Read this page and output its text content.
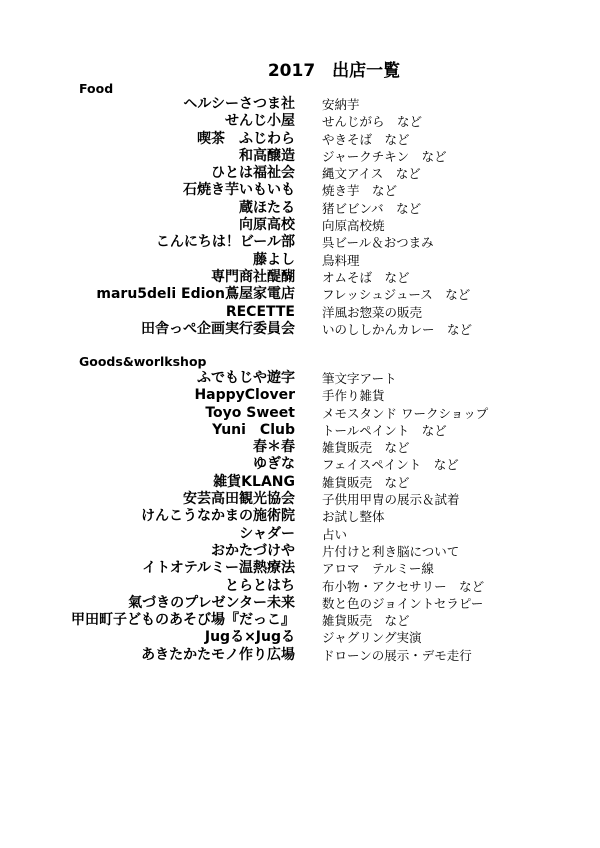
2017　出店一覧
Food
ヘルシーさつま社 安納芋
せんじ小屋 せんじがら　など
喫茶　ふじわら やきそば　など
和高醸造 ジャークチキン　など
ひとは福祉会 縄文アイス　など
石焼き芋いもいも 焼き芋　など
蔵ほたる 猪ビビンバ　など
向原高校 向原高校焼
こんにちは！ビール部 呉ビール＆おつまみ
藤よし 鳥料理
専門商社醍醐 オムそば　など
maru5deli Edion蔦屋家電店 フレッシュジュース　など
RECETTE 洋風お惣菜の販売
田舎っぺ企画実行委員会 いのししかんカレー　など
Goods&worlkshop
ふでもじや遊字 筆文字アート
HappyClover 手作り雑貨
Toyo Sweet メモスタンド ワークショップ
Yuni　Club トールペイント　など
春＊春 雑貨販売　など
ゆぎな フェイスペイント　など
雑貨KLANG 雑貨販売　など
安芸高田観光協会 子供用甲冑の展示＆試着
けんこうなかまの施術院 お試し整体
シャダー 占い
おかたづけや 片付けと利き脳について
イトオテルミー温熱療法 アロマ　テルミー線
とらとはち 布小物・アクセサリー　など
氣づきのプレゼンター未来 数と色のジョイントセラピー
甲田町子どものあそび場『だっこ』 雑貨販売　など
Jugる×Jugる ジャグリング実演
あきたかたモノ作り広場 ドローンの展示・デモ走行
